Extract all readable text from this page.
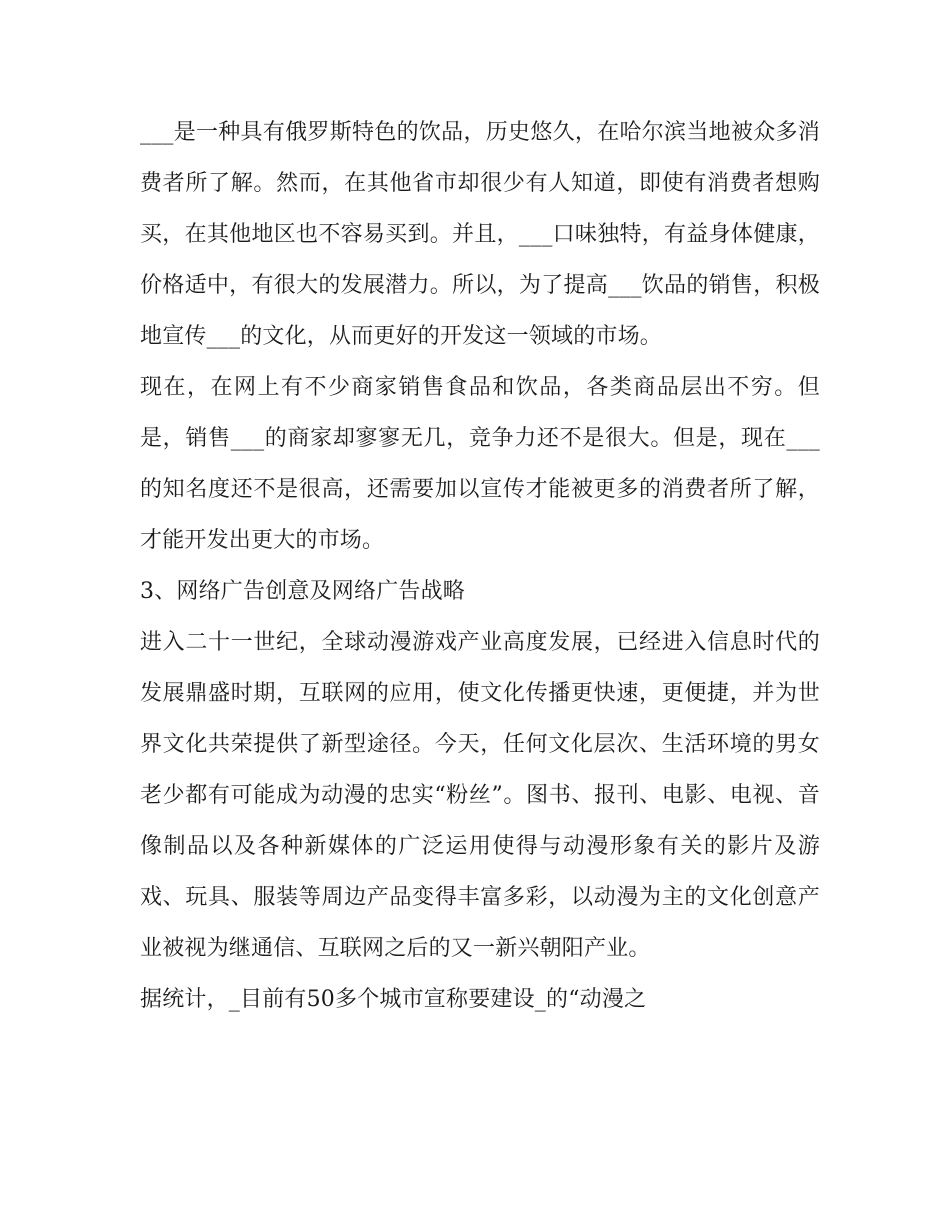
___是一种具有俄罗斯特色的饮品，历史悠久，在哈尔滨当地被众多消费者所了解。然而，在其他省市却很少有人知道，即使有消费者想购买，在其他地区也不容易买到。并且，___口味独特，有益身体健康，价格适中，有很大的发展潜力。所以，为了提高___饮品的销售，积极地宣传___的文化，从而更好的开发这一领域的市场。

现在，在网上有不少商家销售食品和饮品，各类商品层出不穷。但是，销售___的商家却寥寥无几，竞争力还不是很大。但是，现在___的知名度还不是很高，还需要加以宣传才能被更多的消费者所了解，才能开发出更大的市场。

3、网络广告创意及网络广告战略

进入二十一世纪，全球动漫游戏产业高度发展，已经进入信息时代的发展鼎盛时期，互联网的应用，使文化传播更快速，更便捷，并为世界文化共荣提供了新型途径。今天，任何文化层次、生活环境的男女老少都有可能成为动漫的忠实“粉丝”。图书、报刊、电影、电视、音像制品以及各种新媒体的广泛运用使得与动漫形象有关的影片及游戏、玩具、服装等周边产品变得丰富多彩，以动漫为主的文化创意产业被视为继通信、互联网之后的又一新兴朝阳产业。

据统计，_目前有50多个城市宣称要建设_的“动漫之
